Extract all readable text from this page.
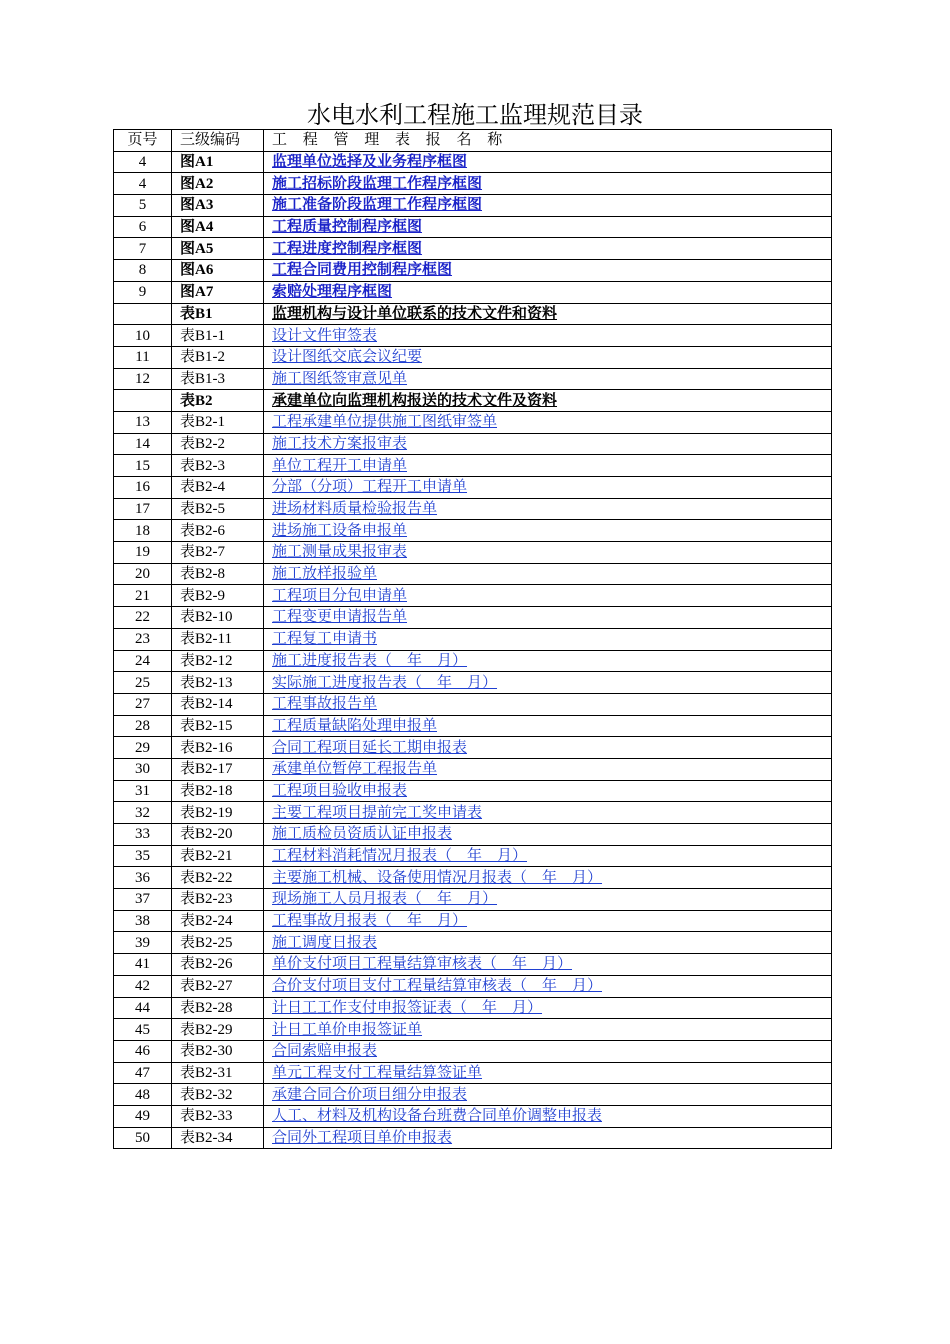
水电水利工程施工监理规范目录
页号	三级编码	工 程 管 理 表 报 名 称
4	图A1	监理单位选择及业务程序框图
4	图A2	施工招标阶段监理工作程序框图
5	图A3	施工准备阶段监理工作程序框图
6	图A4	工程质量控制程序框图
7	图A5	工程进度控制程序框图
8	图A6	工程合同费用控制程序框图
9	图A7	索赔处理程序框图
	表B1	监理机构与设计单位联系的技术文件和资料
10	表B1-1	设计文件审签表
11	表B1-2	设计图纸交底会议纪要
12	表B1-3	施工图纸签审意见单
	表B2	承建单位向监理机构报送的技术文件及资料
13	表B2-1	工程承建单位提供施工图纸审签单
14	表B2-2	施工技术方案报审表
15	表B2-3	单位工程开工申请单
16	表B2-4	分部（分项）工程开工申请单
17	表B2-5	进场材料质量检验报告单
18	表B2-6	进场施工设备申报单
19	表B2-7	施工测量成果报审表
20	表B2-8	施工放样报验单
21	表B2-9	工程项目分包申请单
22	表B2-10	工程变更申请报告单
23	表B2-11	工程复工申请书
24	表B2-12	施工进度报告表（　年　月）
25	表B2-13	实际施工进度报告表（　年　月）
27	表B2-14	工程事故报告单
28	表B2-15	工程质量缺陷处理申报单
29	表B2-16	合同工程项目延长工期申报表
30	表B2-17	承建单位暂停工程报告单
31	表B2-18	工程项目验收申报表
32	表B2-19	主要工程项目提前完工奖申请表
33	表B2-20	施工质检员资质认证申报表
35	表B2-21	工程材料消耗情况月报表（　年　月）
36	表B2-22	主要施工机械、设备使用情况月报表（　年　月）
37	表B2-23	现场施工人员月报表（　年　月）
38	表B2-24	工程事故月报表（　年　月）
39	表B2-25	施工调度日报表
41	表B2-26	单价支付项目工程量结算审核表（　年　月）
42	表B2-27	合价支付项目支付工程量结算审核表（　年　月）
44	表B2-28	计日工工作支付申报签证表（　年　月）
45	表B2-29	计日工单价申报签证单
46	表B2-30	合同索赔申报表
47	表B2-31	单元工程支付工程量结算签证单
48	表B2-32	承建合同合价项目细分申报表
49	表B2-33	人工、材料及机构设备台班费合同单价调整申报表
50	表B2-34	合同外工程项目单价申报表
